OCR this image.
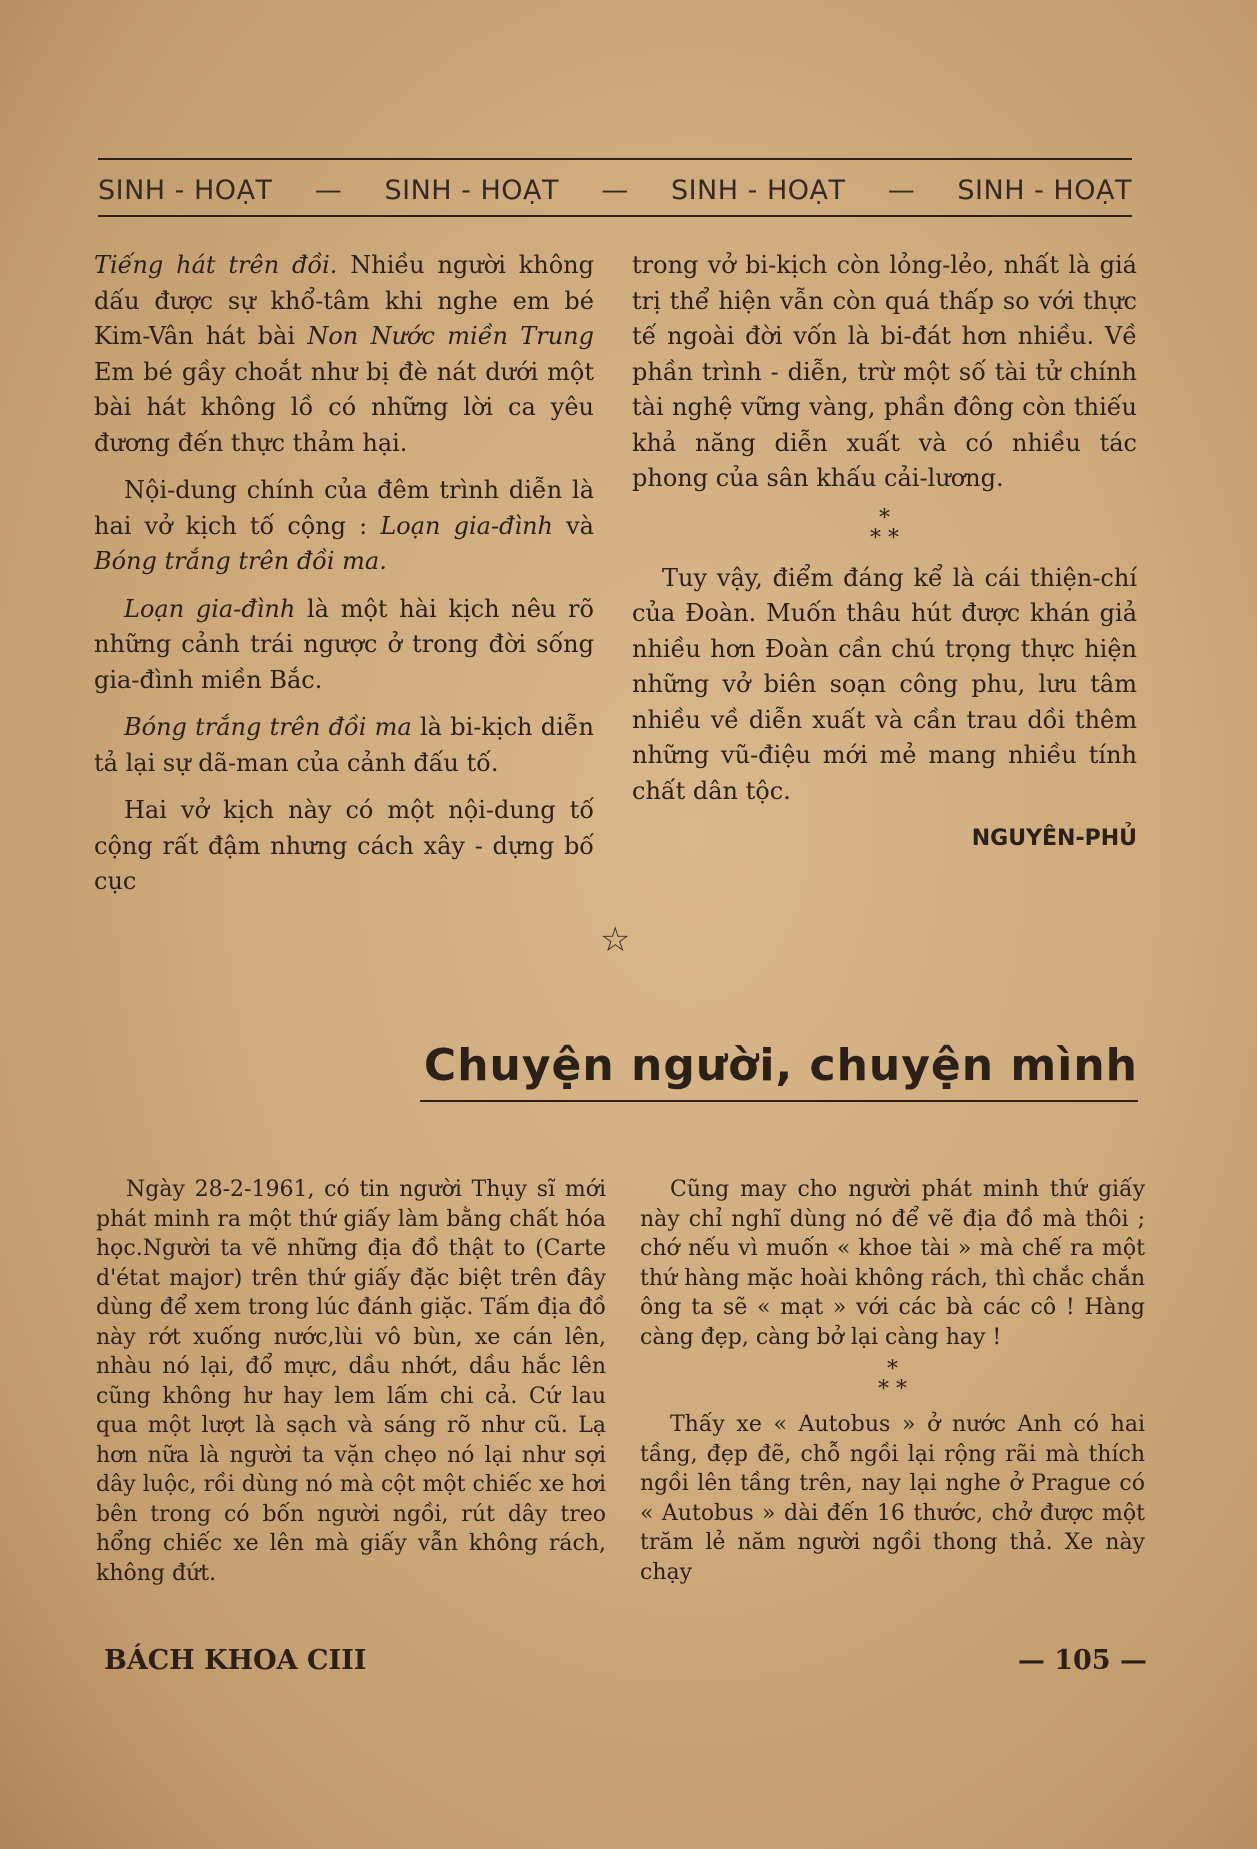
SINH - HOẠT — SINH - HOẠT — SINH - HOẠT — SINH - HOẠT

Tiếng hát trên đồi. Nhiều người không dấu được sự khổ-tâm khi nghe em bé Kim-Vân hát bài Non Nước miền Trung Em bé gầy choắt như bị đè nát dưới một bài hát không lồ có những lời ca yêu đương đến thực thảm hại.

Nội-dung chính của đêm trình diễn là hai vở kịch tố cộng : Loạn gia-đình và Bóng trắng trên đồi ma.

Loạn gia-đình là một hài kịch nêu rõ những cảnh trái ngược ở trong đời sống gia-đình miền Bắc.

Bóng trắng trên đồi ma là bi-kịch diễn tả lại sự dã-man của cảnh đấu tố.

Hai vở kịch này có một nội-dung tố cộng rất đậm nhưng cách xây - dựng bố cục

trong vở bi-kịch còn lỏng-lẻo, nhất là giá trị thể hiện vẫn còn quá thấp so với thực tế ngoài đời vốn là bi-đát hơn nhiều. Về phần trình - diễn, trừ một số tài tử chính tài nghệ vững vàng, phần đông còn thiếu khả năng diễn xuất và có nhiều tác phong của sân khấu cải-lương.

*
* *

Tuy vậy, điểm đáng kể là cái thiện-chí của Đoàn. Muốn thâu hút được khán giả nhiều hơn Đoàn cần chú trọng thực hiện những vở biên soạn công phu, lưu tâm nhiều về diễn xuất và cần trau dồi thêm những vũ-điệu mới mẻ mang nhiều tính chất dân tộc.

NGUYÊN-PHỦ

☆
Chuyện người, chuyện mình

Ngày 28-2-1961, có tin người Thụy sĩ mới phát minh ra một thứ giấy làm bằng chất hóa học.Người ta vẽ những địa đồ thật to (Carte d'état major) trên thứ giấy đặc biệt trên đây dùng để xem trong lúc đánh giặc. Tấm địa đồ này rớt xuống nước,lùi vô bùn, xe cán lên, nhàu nó lại, đổ mực, dầu nhớt, dầu hắc lên cũng không hư hay lem lấm chi cả. Cứ lau qua một lượt là sạch và sáng rõ như cũ. Lạ hơn nữa là người ta vặn chẹo nó lại như sợi dây luộc, rồi dùng nó mà cột một chiếc xe hơi bên trong có bốn người ngồi, rút dây treo hổng chiếc xe lên mà giấy vẫn không rách, không đứt.

Cũng may cho người phát minh thứ giấy này chỉ nghĩ dùng nó để vẽ địa đồ mà thôi ; chớ nếu vì muốn « khoe tài » mà chế ra một thứ hàng mặc hoài không rách, thì chắc chắn ông ta sẽ « mạt » với các bà các cô ! Hàng càng đẹp, càng bở lại càng hay !

*
* *

Thấy xe « Autobus » ở nước Anh có hai tầng, đẹp đẽ, chỗ ngồi lại rộng rãi mà thích ngồi lên tầng trên, nay lại nghe ở Prague có « Autobus » dài đến 16 thước, chở được một trăm lẻ năm người ngồi thong thả. Xe này chạy

BÁCH KHOA CIII	— 105 —
